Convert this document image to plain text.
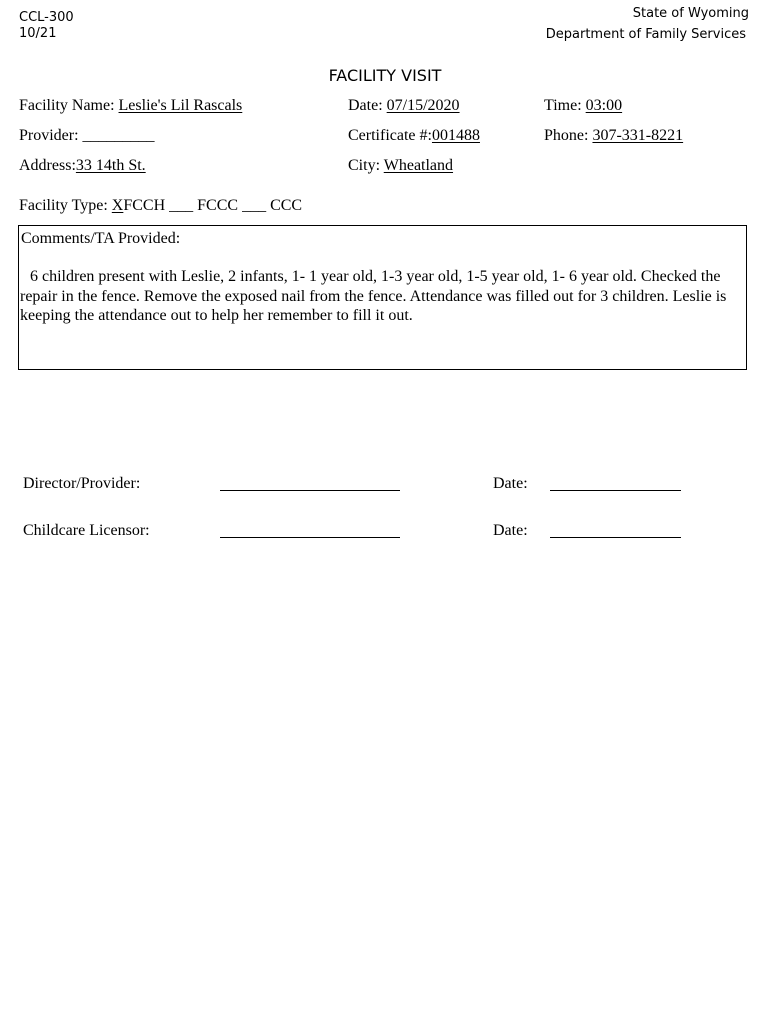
CCL-300
10/21
State of Wyoming
Department of Family Services
FACILITY VISIT
Facility Name: Leslie's Lil Rascals	Date: 07/15/2020	Time: 03:00
Provider: _________	Certificate #:001488	Phone: 307-331-8221
Address:33 14th St.	City: Wheatland
Facility Type: XFCCH ___ FCCC ___ CCC
Comments/TA Provided:
6 children present with Leslie, 2 infants, 1- 1 year old, 1-3 year old, 1-5 year old, 1- 6 year old. Checked the repair in the fence. Remove the exposed nail from the fence. Attendance was filled out for 3 children. Leslie is keeping the attendance out to help her remember to fill it out.
Director/Provider:	Date:
Childcare Licensor:	Date:
